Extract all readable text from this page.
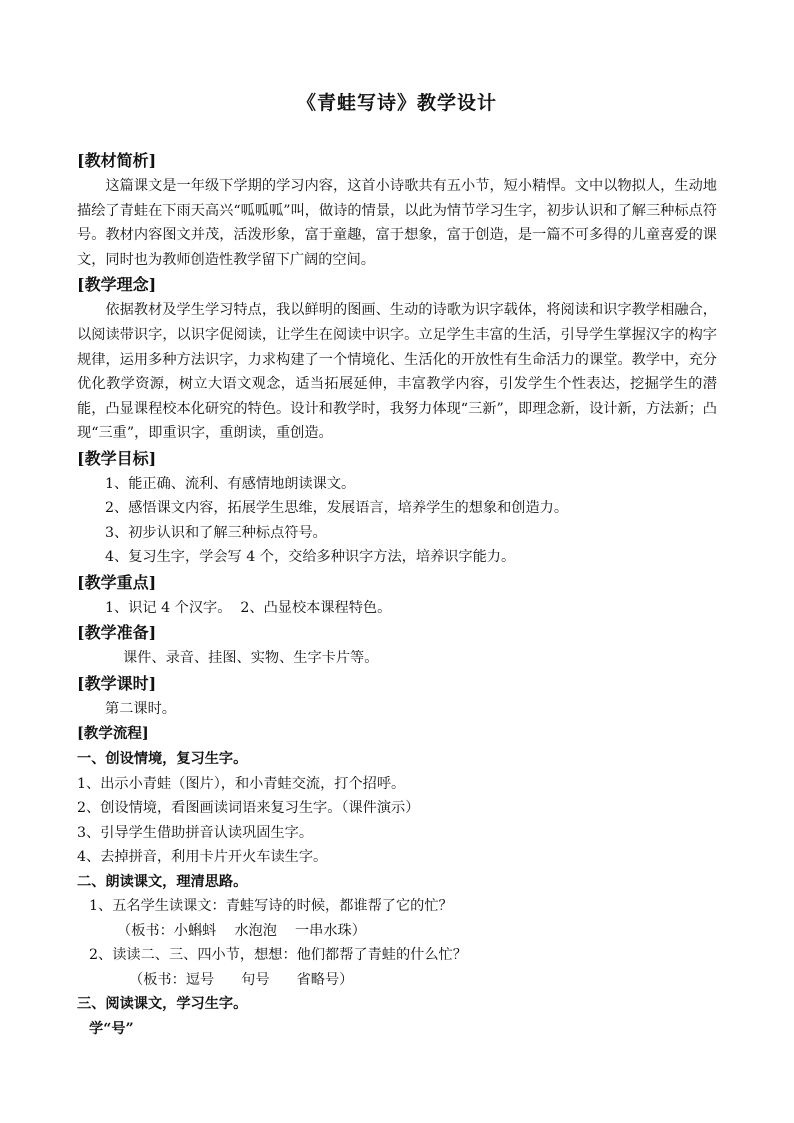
《青蛙写诗》教学设计
[教材简析]
这篇课文是一年级下学期的学习内容，这首小诗歌共有五小节，短小精悍。文中以物拟人，生动地描绘了青蛙在下雨天高兴“呱呱呱”叫，做诗的情景，以此为情节学习生字，初步认识和了解三种标点符号。教材内容图文并茂，活泼形象，富于童趣，富于想象，富于创造，是一篇不可多得的儿童喜爱的课文，同时也为教师创造性教学留下广阔的空间。
[教学理念]
依据教材及学生学习特点，我以鲜明的图画、生动的诗歌为识字载体，将阅读和识字教学相融合，以阅读带识字，以识字促阅读，让学生在阅读中识字。立足学生丰富的生活，引导学生掌握汉字的构字规律，运用多种方法识字，力求构建了一个情境化、生活化的开放性有生命活力的课堂。教学中，充分优化教学资源，树立大语文观念，适当拓展延伸，丰富教学内容，引发学生个性表达，挖掘学生的潜能，凸显课程校本化研究的特色。设计和教学时，我努力体现“三新”，即理念新，设计新，方法新；凸现“三重”，即重识字，重朗读，重创造。
[教学目标]
1、能正确、流利、有感情地朗读课文。
2、感悟课文内容，拓展学生思维，发展语言，培养学生的想象和创造力。
3、初步认识和了解三种标点符号。
4、复习生字，学会写 4 个，交给多种识字方法，培养识字能力。
[教学重点]
1、识记 4 个汉字。  2、凸显校本课程特色。
[教学准备]
课件、录音、挂图、实物、生字卡片等。
[教学课时]
第二课时。
[教学流程]
一、创设情境，复习生字。
1、出示小青蛙（图片），和小青蛙交流，打个招呼。
2、创设情境，看图画读词语来复习生字。（课件演示）
3、引导学生借助拼音认读巩固生字。
4、去掉拼音，利用卡片开火车读生字。
二、朗读课文，理清思路。
1、五名学生读课文：青蛙写诗的时候，都谁帮了它的忙？
（板书：小蝌蚪    水泡泡    一串水珠）
2、读读二、三、四小节，想想：他们都帮了青蛙的什么忙？
（板书：逗号      句号      省略号）
三、阅读课文，学习生字。
学“号”
